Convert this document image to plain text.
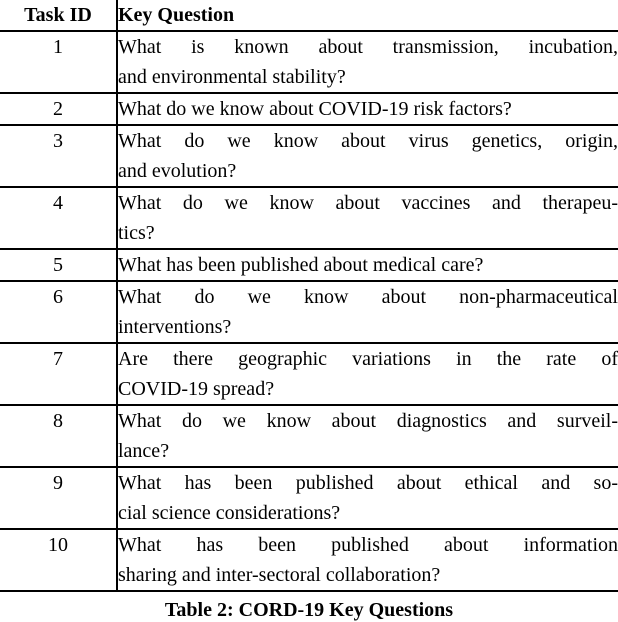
Task ID	Key Question
1	What is known about transmission, incubation,
and environmental stability?

2	What do we know about COVID-19 risk factors?

3	What do we know about virus genetics, origin,
and evolution?

4	What do we know about vaccines and therapeu-
tics?

5	What has been published about medical care?

6	What do we know about non-pharmaceutical
interventions?

7	Are there geographic variations in the rate of
COVID-19 spread?

8	What do we know about diagnostics and surveil-
lance?

9	What has been published about ethical and so-
cial science considerations?

10	What has been published about information
sharing and inter-sectoral collaboration?
Table 2: CORD-19 Key Questions
